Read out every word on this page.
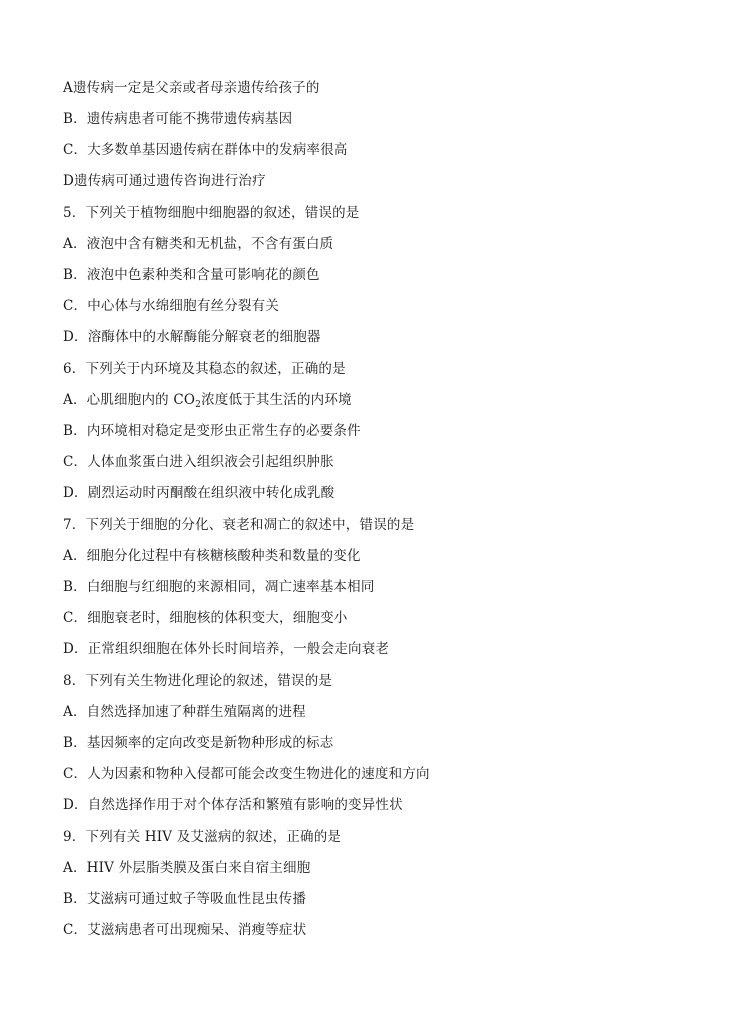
A遗传病一定是父亲或者母亲遗传给孩子的
B．遗传病患者可能不携带遗传病基因
C．大多数单基因遗传病在群体中的发病率很高
D遗传病可通过遗传咨询进行治疗
5．下列关于植物细胞中细胞器的叙述，错误的是
A．液泡中含有糖类和无机盐，不含有蛋白质
B．液泡中色素种类和含量可影响花的颜色
C．中心体与水绵细胞有丝分裂有关
D．溶酶体中的水解酶能分解衰老的细胞器
6．下列关于内环境及其稳态的叙述，正确的是
A．心肌细胞内的 $CO_2$浓度低于其生活的内环境
B．内环境相对稳定是变形虫正常生存的必要条件
C．人体血浆蛋白进入组织液会引起组织肿胀
D．剧烈运动时丙酮酸在组织液中转化成乳酸
7．下列关于细胞的分化、衰老和凋亡的叙述中，错误的是
A．细胞分化过程中有核糖核酸种类和数量的变化
B．白细胞与红细胞的来源相同，凋亡速率基本相同
C．细胞衰老时，细胞核的体积变大，细胞变小
D．正常组织细胞在体外长时间培养，一般会走向衰老
8．下列有关生物进化理论的叙述，错误的是
A．自然选择加速了种群生殖隔离的进程
B．基因频率的定向改变是新物种形成的标志
C．人为因素和物种入侵都可能会改变生物进化的速度和方向
D．自然选择作用于对个体存活和繁殖有影响的变异性状
9．下列有关 HIV 及艾滋病的叙述，正确的是
A．HIV 外层脂类膜及蛋白来自宿主细胞
B．艾滋病可通过蚊子等吸血性昆虫传播
C．艾滋病患者可出现痴呆、消瘦等症状
